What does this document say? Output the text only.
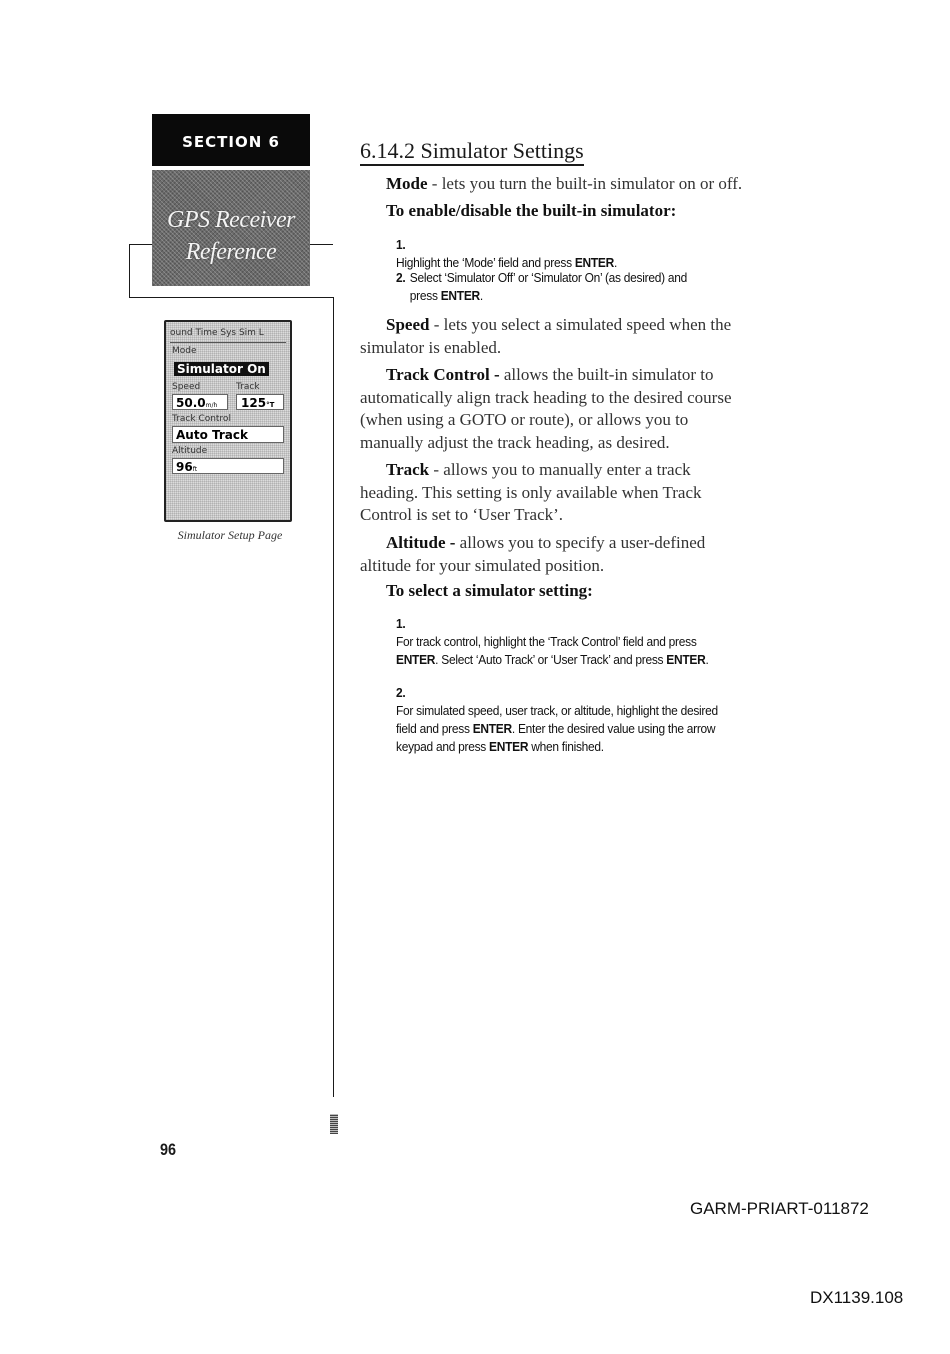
SECTION 6
GPS Receiver
Reference
ound Time Sys Sim L
Mode
Simulator On
Speed	Track
50.0m/h	125°T
Track Control
Auto Track
Altitude
96ft
Simulator Setup Page
6.14.2 Simulator Settings
Mode - lets you turn the built-in simulator on or off.
To enable/disable the built-in simulator:
1.Highlight the ‘Mode’ field and press ENTER.
2. Select ‘Simulator Off’ or ‘Simulator On’ (as desired) and press ENTER.
Speed - lets you select a simulated speed when the simulator is enabled.
Track Control - allows the built-in simulator to automatically align track heading to the desired course (when using a GOTO or route), or allows you to manually adjust the track heading, as desired.
Track - allows you to manually enter a track heading. This setting is only available when Track Control is set to ‘User Track’.
Altitude - allows you to specify a user-defined altitude for your simulated position.
To select a simulator setting:
1.For track control, highlight the ‘Track Control’ field and press ENTER. Select ‘Auto Track’ or ‘User Track’ and press ENTER.
2.For simulated speed, user track, or altitude, highlight the desired field and press ENTER. Enter the desired value using the arrow keypad and press ENTER when finished.
96
GARM-PRIART-011872
DX1139.108
